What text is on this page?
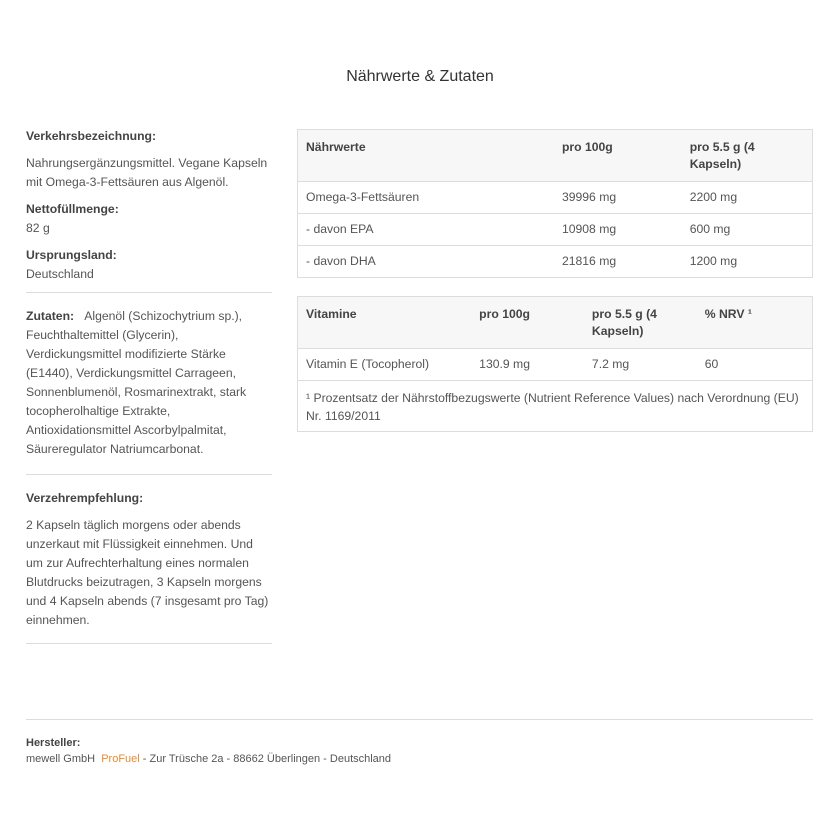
Nährwerte & Zutaten
Verkehrsbezeichnung:
Nahrungsergänzungsmittel. Vegane Kapseln mit Omega-3-Fettsäuren aus Algenöl.
Nettofüllmenge:
82 g
Ursprungsland:
Deutschland
Zutaten: Algenöl (Schizochytrium sp.), Feuchthaltemittel (Glycerin), Verdickungsmittel modifizierte Stärke (E1440), Verdickungsmittel Carrageen, Sonnenblumenöl, Rosmarinextrakt, stark tocopherolhaltige Extrakte, Antioxidationsmittel Ascorbylpalmitat, Säureregulator Natriumcarbonat.
Verzehrempfehlung:
2 Kapseln täglich morgens oder abends unzerkaut mit Flüssigkeit einnehmen. Und um zur Aufrechterhaltung eines normalen Blutdrucks beizutragen, 3 Kapseln morgens und 4 Kapseln abends (7 insgesamt pro Tag) einnehmen.
Nährwerte	pro 100g	pro 5.5 g (4 Kapseln)
Omega-3-Fettsäuren	39996 mg	2200 mg
- davon EPA	10908 mg	600 mg
- davon DHA	21816 mg	1200 mg
Vitamine	pro 100g	pro 5.5 g (4 Kapseln)	% NRV ¹
Vitamin E (Tocopherol)	130.9 mg	7.2 mg	60
¹ Prozentsatz der Nährstoffbezugswerte (Nutrient Reference Values) nach Verordnung (EU) Nr. 1169/2011			
Hersteller:
mewell GmbH ProFuel - Zur Trüsche 2a - 88662 Überlingen - Deutschland
